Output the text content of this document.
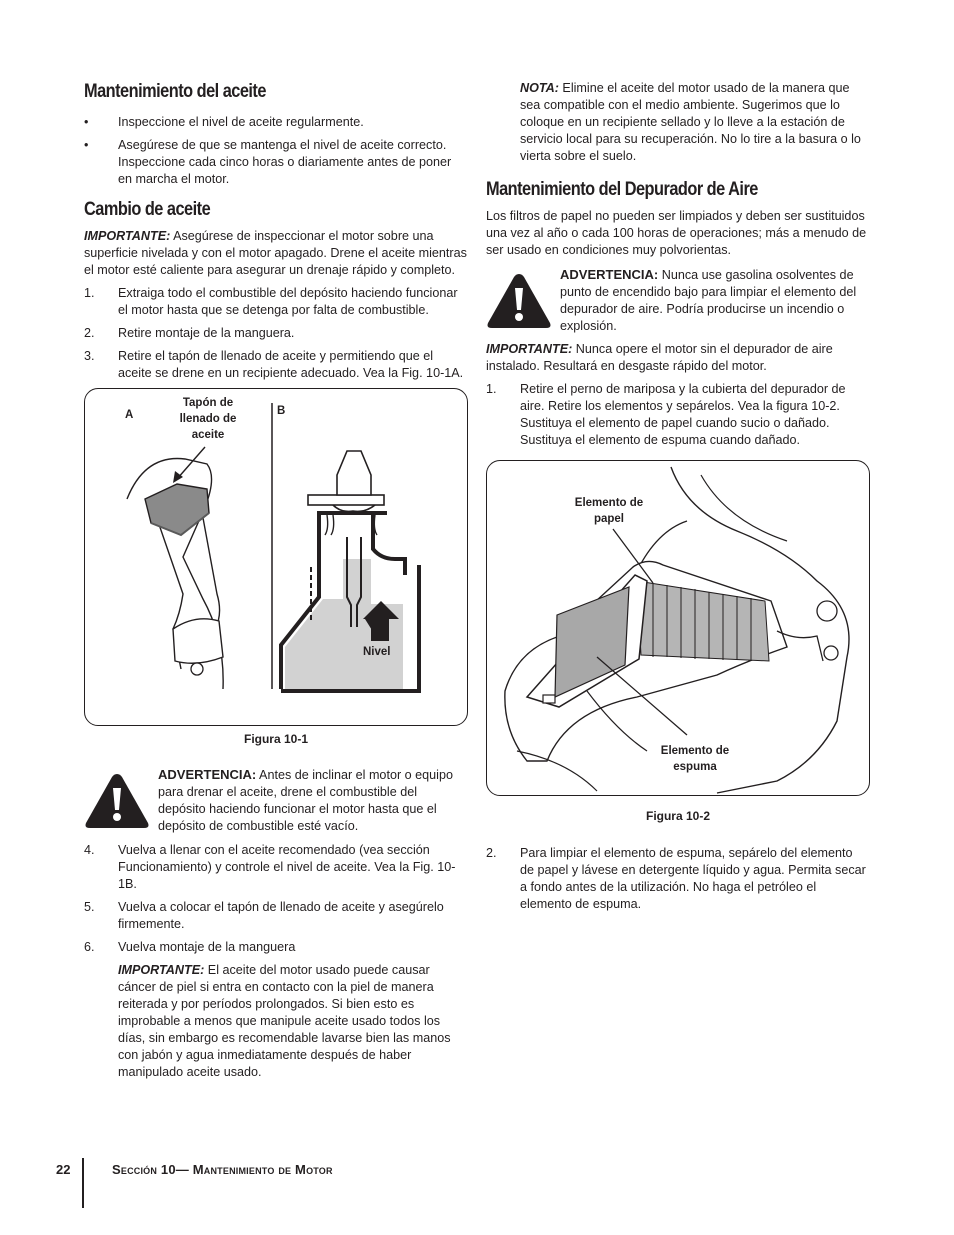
Mantenimiento del aceite
• Inspeccione el nivel de aceite regularmente.
• Asegúrese de que se mantenga el nivel de aceite correcto. Inspeccione cada cinco horas o diariamente antes de poner en marcha el motor.
Cambio de aceite

IMPORTANTE: Asegúrese de inspeccionar el motor sobre una superficie nivelada y con el motor apagado. Drene el aceite mientras el motor esté caliente para asegurar un drenaje rápido y completo.

1. Extraiga todo el combustible del depósito haciendo funcionar el motor hasta que se detenga por falta de combustible.
2. Retire montaje de la manguera.
3. Retire el tapón de llenado de aceite y permitiendo que el aceite se drene en un recipiente adecuado. Vea la Fig. 10-1A.
A	B
Tapón de llenado de aceite
Nivel
Figura 10-1
ADVERTENCIA: Antes de inclinar el motor o equipo para drenar el aceite, drene el combustible del depósito haciendo funcionar el motor hasta que el depósito de combustible esté vacío.
4. Vuelva a llenar con el aceite recomendado (vea sección Funcionamiento) y controle el nivel de aceite. Vea la Fig. 10-1B.
5. Vuelva a colocar el tapón de llenado de aceite y asegúrelo firmemente.
6. Vuelva montaje de la manguera

IMPORTANTE: El aceite del motor usado puede causar cáncer de piel si entra en contacto con la piel de manera reiterada y por períodos prolongados. Si bien esto es improbable a menos que manipule aceite usado todos los días, sin embargo es recomendable lavarse bien las manos con jabón y agua inmediatamente después de haber manipulado aceite usado.

NOTA: Elimine el aceite del motor usado de la manera que sea compatible con el medio ambiente. Sugerimos que lo coloque en un recipiente sellado y lo lleve a la estación de servicio local para su recuperación. No lo tire a la basura o lo vierta sobre el suelo.

Mantenimiento del Depurador de Aire

Los filtros de papel no pueden ser limpiados y deben ser sustituidos una vez al año o cada 100 horas de operaciones; más a menudo de ser usado en condiciones muy polvorientas.

ADVERTENCIA: Nunca use gasolina osolventes de punto de encendido bajo para limpiar el elemento del depurador de aire. Podría producirse un incendio o explosión.

IMPORTANTE: Nunca opere el motor sin el depurador de aire instalado. Resultará en desgaste rápido del motor.

1. Retire el perno de mariposa y la cubierta del depurador de aire. Retire los elementos y sepárelos. Vea la figura 10-2. Sustituya el elemento de papel cuando sucio o dañado. Sustituya el elemento de espuma cuando dañado.
Elemento de papel
Elemento de espuma
Figura 10-2
2. Para limpiar el elemento de espuma, sepárelo del elemento de papel y lávese en detergente líquido y agua. Permita secar a fondo antes de la utilización. No haga el petróleo el elemento de espuma.
22	Sección 10— Mantenimiento de Motor
